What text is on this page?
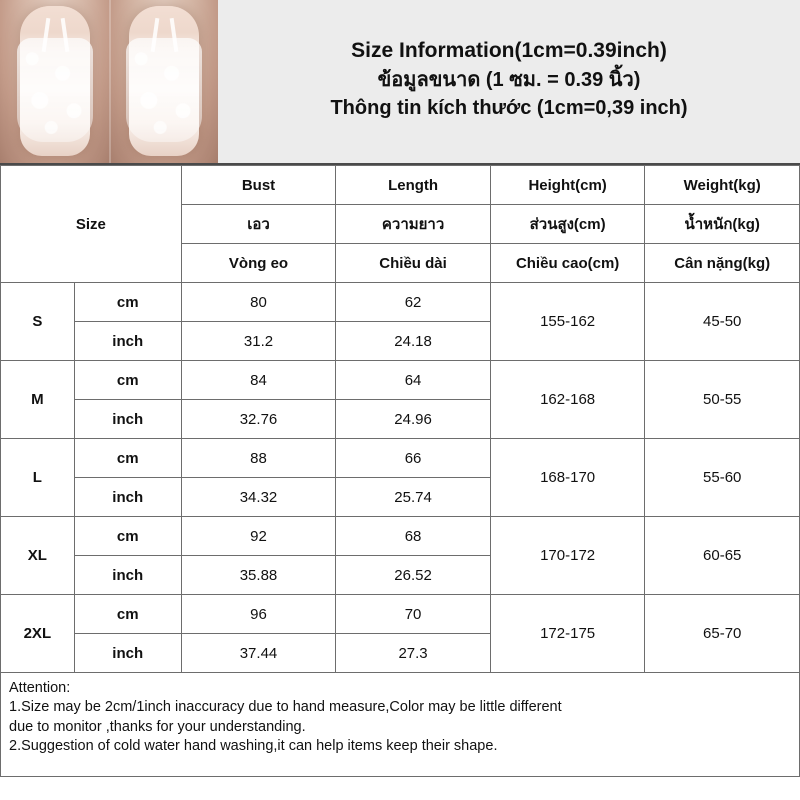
Size Information(1cm=0.39inch)
ข้อมูลขนาด (1 ซม. = 0.39 นิ้ว)
Thông tin kích thước (1cm=0,39 inch)
Size		Bust	Length	Height(cm)	Weight(kg)
		เอว	ความยาว	ส่วนสูง(cm)	น้ำหนัก(kg)
		Vòng eo	Chiều dài	Chiều cao(cm)	Cân nặng(kg)
S	cm	80	62	155-162	45-50
	inch	31.2	24.18		
M	cm	84	64	162-168	50-55
	inch	32.76	24.96		
L	cm	88	66	168-170	55-60
	inch	34.32	25.74		
XL	cm	92	68	170-172	60-65
	inch	35.88	26.52		
2XL	cm	96	70	172-175	65-70
	inch	37.44	27.3		

Attention:

1.Size may be 2cm/1inch inaccuracy due to hand measure,Color may be little different

due to monitor ,thanks for your understanding.

2.Suggestion of cold water hand washing,it can help items keep their shape.
